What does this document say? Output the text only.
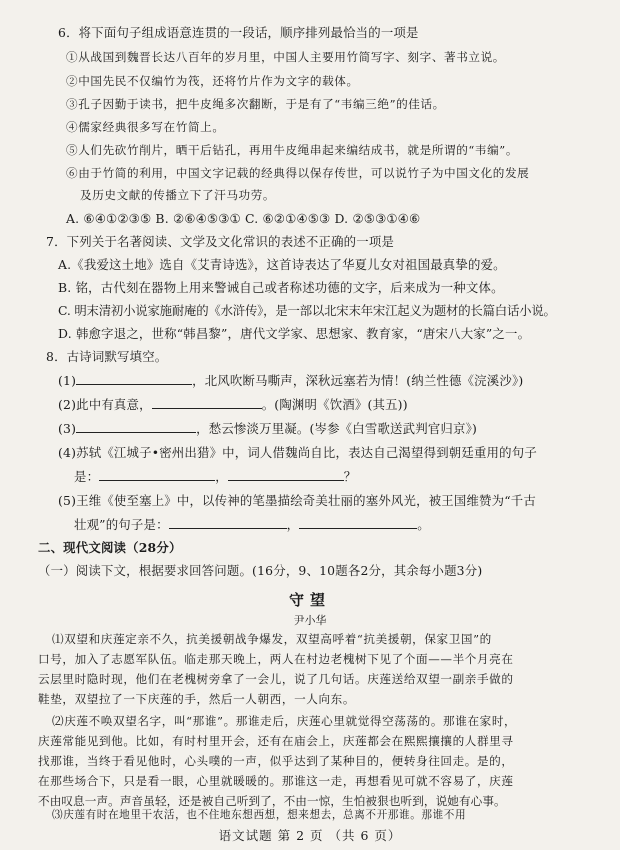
6．将下面句子组成语意连贯的一段话，顺序排列最恰当的一项是
①从战国到魏晋长达八百年的岁月里，中国人主要用竹简写字、刻字、著书立说。
②中国先民不仅编竹为筏，还将竹片作为文字的载体。
③孔子因勤于读书，把牛皮绳多次翻断，于是有了“韦编三绝”的佳话。
④儒家经典很多写在竹简上。
⑤人们先砍竹削片，晒干后钻孔，再用牛皮绳串起来编结成书，就是所谓的“韦编”。
⑥由于竹简的利用，中国文字记载的经典得以保存传世，可以说竹子为中国文化的发展
及历史文献的传播立下了汗马功劳。
A. ⑥④①②③⑤ B. ②⑥④⑤③① C. ⑥②①④⑤③ D. ②⑤③①④⑥
7．下列关于名著阅读、文学及文化常识的表述不正确的一项是
A.《我爱这土地》选自《艾青诗选》，这首诗表达了华夏儿女对祖国最真挚的爱。
B. 铭，古代刻在器物上用来警诫自己或者称述功德的文字，后来成为一种文体。
C. 明末清初小说家施耐庵的《水浒传》，是一部以北宋末年宋江起义为题材的长篇白话小说。
D. 韩愈字退之，世称“韩昌黎”，唐代文学家、思想家、教育家，“唐宋八大家”之一。
8．古诗词默写填空。
(1)	，北风吹断马嘶声，深秋远塞若为情！(纳兰性德《浣溪沙》)
(2)此中有真意，	。(陶渊明《饮酒》(其五))
(3)	，愁云惨淡万里凝。(岑参《白雪歌送武判官归京》)
(4)苏轼《江城子•密州出猎》中，词人借魏尚自比，表达自己渴望得到朝廷重用的句子
是：	，	？
(5)王维《使至塞上》中，以传神的笔墨描绘奇美壮丽的塞外风光，被王国维赞为“千古
壮观”的句子是：	，	。
二、现代文阅读（28分）
（一）阅读下文，根据要求回答问题。(16分，9、10题各2分，其余每小题3分)
守望
尹小华
⑴双望和庆莲定亲不久，抗美援朝战争爆发，双望高呼着“抗美援朝，保家卫国”的
口号，加入了志愿军队伍。临走那天晚上，两人在村边老槐树下见了个面——半个月亮在
云层里时隐时现，他们在老槐树旁拿了一会儿，说了几句话。庆莲送给双望一副亲手做的
鞋垫，双望拉了一下庆莲的手，然后一人朝西，一人向东。
⑵庆莲不唤双望名字，叫“那谁”。那谁走后，庆莲心里就觉得空荡荡的。那谁在家时，
庆莲常能见到他。比如，有时村里开会，还有在庙会上，庆莲都会在熙熙攘攘的人群里寻
找那谁，当终于看见他时，心头噗的一声，似乎达到了某种目的，便转身往回走。是的，
在那些场合下，只是看一眼，心里就暖暖的。那谁这一走，再想看见可就不容易了，庆莲
不由叹息一声。声音虽轻，还是被自己听到了，不由一惊，生怕被狠也听到，说她有心事。
⑶庆莲有时在地里干农活，也不住地东想西想，想来想去，总离不开那谁。那谁不用
语文试题 第 2 页 （共 6 页）
